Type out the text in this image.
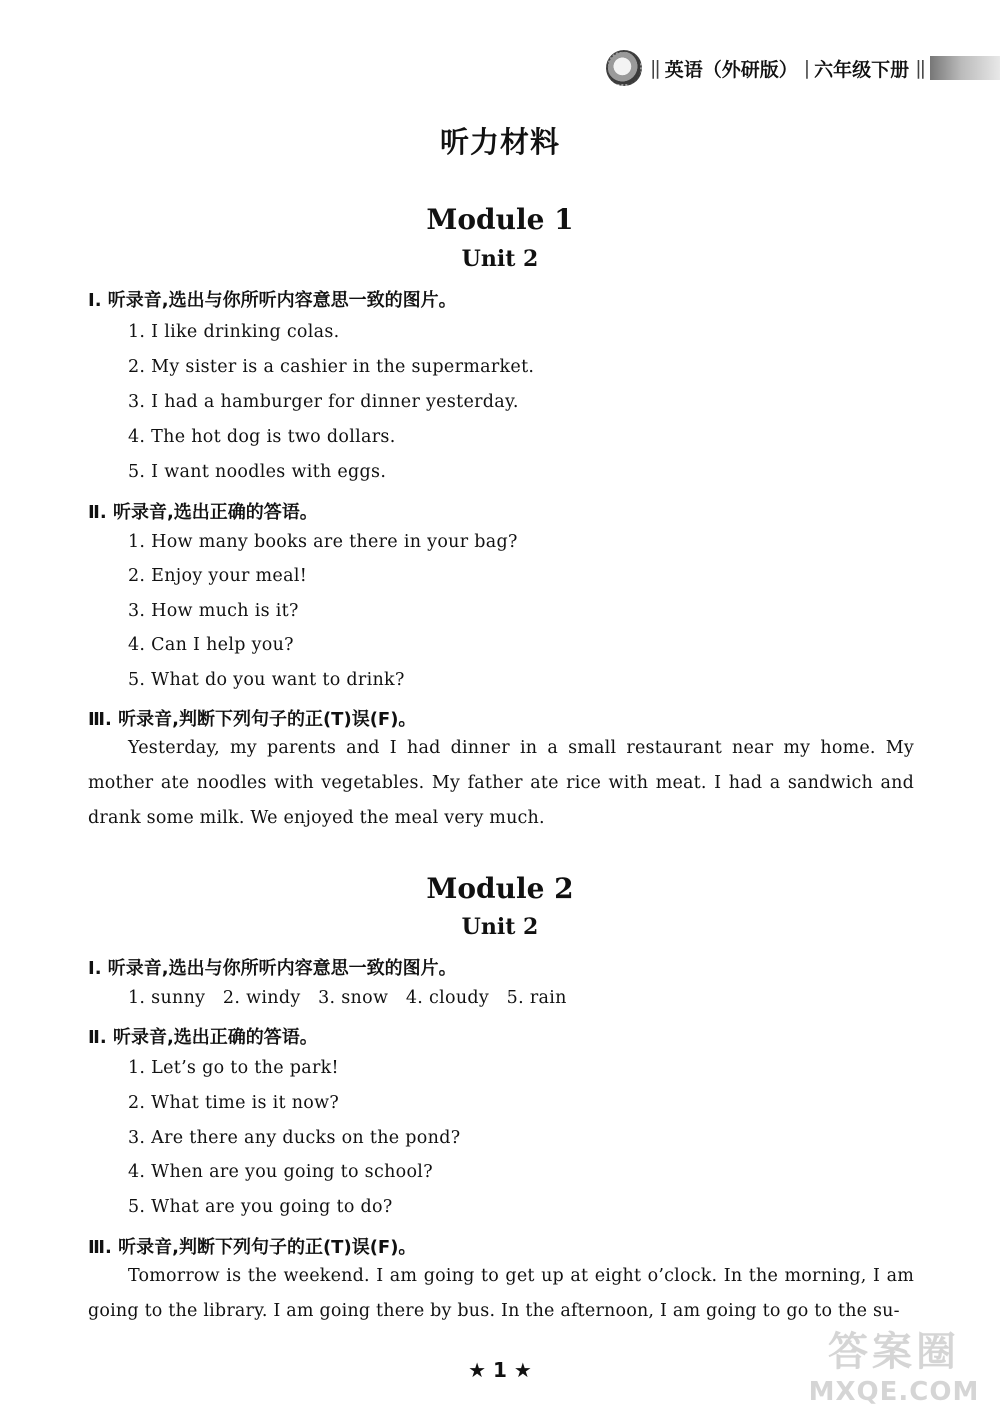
|| 英语（外研版） | 六年级下册 ||
听力材料
Module 1
Unit 2
Ⅰ. 听录音,选出与你所听内容意思一致的图片。
1. I like drinking colas.
2. My sister is a cashier in the supermarket.
3. I had a hamburger for dinner yesterday.
4. The hot dog is two dollars.
5. I want noodles with eggs.
Ⅱ. 听录音,选出正确的答语。
1. How many books are there in your bag?
2. Enjoy your meal!
3. How much is it?
4. Can I help you?
5. What do you want to drink?
Ⅲ. 听录音,判断下列句子的正(T)误(F)。

Yesterday, my parents and I had dinner in a small restaurant near my home. My mother ate noodles with vegetables. My father ate rice with meat. I had a sandwich and drank some milk. We enjoyed the meal very much.

Module 2
Unit 2
Ⅰ. 听录音,选出与你所听内容意思一致的图片。
1. sunny   2. windy   3. snow   4. cloudy   5. rain
Ⅱ. 听录音,选出正确的答语。
1. Let’s go to the park!
2. What time is it now?
3. Are there any ducks on the pond?
4. When are you going to school?
5. What are you going to do?
Ⅲ. 听录音,判断下列句子的正(T)误(F)。

Tomorrow is the weekend. I am going to get up at eight o’clock. In the morning, I am going to the library. I am going there by bus. In the afternoon, I am going to go to the su-

★ 1 ★	答案圈
MXQE.COM
